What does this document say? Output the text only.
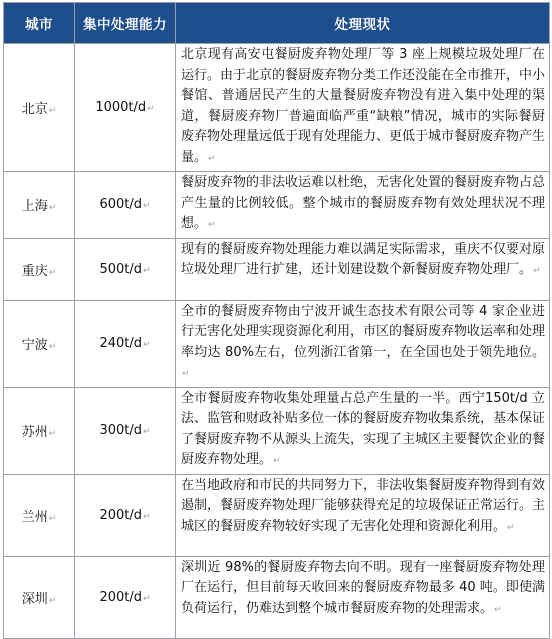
城市	集中处理能力	处理现状
北京↵	1000t/d↵	北京现有高安屯餐厨废弃物处理厂等 3 座上规模垃圾处理厂在运行。由于北京的餐厨废弃物分类工作还没能在全市推开，中小餐馆、普通居民产生的大量餐厨废弃物没有进入集中处理的渠道，餐厨废弃物厂普遍面临严重“缺粮”情况，城市的实际餐厨废弃物处理量远低于现有处理能力、更低于城市餐厨废弃物产生量。↵
上海↵	600t/d↵	餐厨废弃物的非法收运难以杜绝，无害化处置的餐厨废弃物占总产生量的比例较低。整个城市的餐厨废弃物有效处理状况不理想。↵
重庆↵	500t/d↵	现有的餐厨废弃物处理能力难以满足实际需求，重庆不仅要对原垃圾处理厂进行扩建，还计划建设数个新餐厨废弃物处理厂。↵
宁波↵	240t/d↵	全市的餐厨废弃物由宁波开诚生态技术有限公司等 4 家企业进行无害化处理实现资源化利用，市区的餐厨废弃物收运率和处理率均达 80%左右，位列浙江省第一，在全国也处于领先地位。↵
苏州↵	300t/d↵	全市餐厨废弃物收集处理量占总产生量的一半。西宁150t/d 立法、监管和财政补贴多位一体的餐厨废弃物收集系统，基本保证了餐厨废弃物不从源头上流失，实现了主城区主要餐饮企业的餐厨废弃物处理。↵
兰州↵	200t/d↵	在当地政府和市民的共同努力下，非法收集餐厨废弃物得到有效遏制，餐厨废弃物处理厂能够获得充足的垃圾保证正常运行。主城区的餐厨废弃物较好实现了无害化处理和资源化利用。↵
深圳↵	200t/d↵	深圳近 98%的餐厨废弃物去向不明。现有一座餐厨废弃物处理厂在运行，但目前每天收回来的餐厨废弃物最多 40 吨。即使满负荷运行，仍难达到整个城市餐厨废弃物的处理需求。↵
